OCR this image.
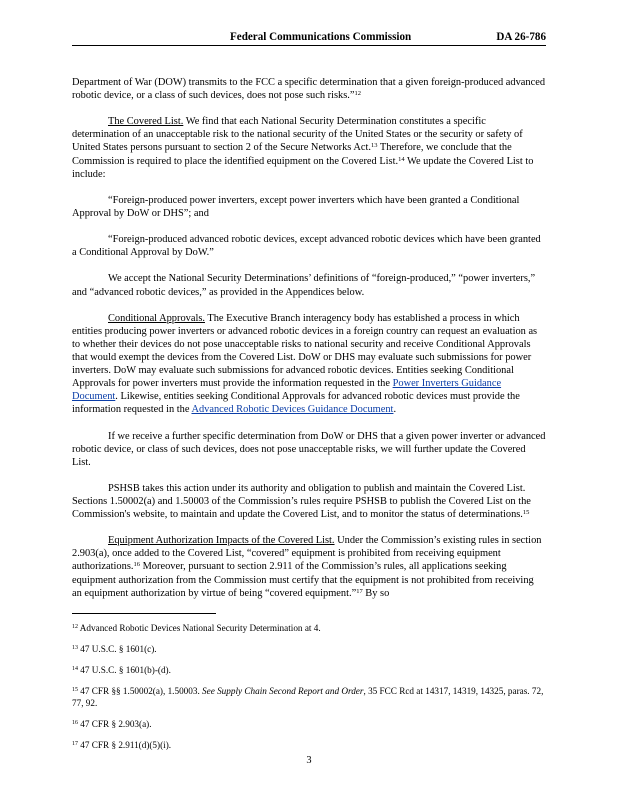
Federal Communications Commission	DA 26-786

Department of War (DOW) transmits to the FCC a specific determination that a given foreign-produced advanced robotic device, or a class of such devices, does not pose such risks.”$^{12}$

The Covered List. We find that each National Security Determination constitutes a specific determination of an unacceptable risk to the national security of the United States or the security or safety of United States persons pursuant to section 2 of the Secure Networks Act.$^{13}$ Therefore, we conclude that the Commission is required to place the identified equipment on the Covered List.$^{14}$ We update the Covered List to include:

“Foreign-produced power inverters, except power inverters which have been granted a Conditional Approval by DoW or DHS”; and

“Foreign-produced advanced robotic devices, except advanced robotic devices which have been granted a Conditional Approval by DoW.”

We accept the National Security Determinations’ definitions of “foreign-produced,” “power inverters,” and “advanced robotic devices,” as provided in the Appendices below.

Conditional Approvals. The Executive Branch interagency body has established a process in which entities producing power inverters or advanced robotic devices in a foreign country can request an evaluation as to whether their devices do not pose unacceptable risks to national security and receive Conditional Approvals that would exempt the devices from the Covered List. DoW or DHS may evaluate such submissions for power inverters. DoW may evaluate such submissions for advanced robotic devices. Entities seeking Conditional Approvals for power inverters must provide the information requested in the Power Inverters Guidance Document. Likewise, entities seeking Conditional Approvals for advanced robotic devices must provide the information requested in the Advanced Robotic Devices Guidance Document.

If we receive a further specific determination from DoW or DHS that a given power inverter or advanced robotic device, or class of such devices, does not pose unacceptable risks, we will further update the Covered List.

PSHSB takes this action under its authority and obligation to publish and maintain the Covered List. Sections 1.50002(a) and 1.50003 of the Commission’s rules require PSHSB to publish the Covered List on the Commission's website, to maintain and update the Covered List, and to monitor the status of determinations.$^{15}$

Equipment Authorization Impacts of the Covered List. Under the Commission’s existing rules in section 2.903(a), once added to the Covered List, “covered” equipment is prohibited from receiving equipment authorizations.$^{16}$ Moreover, pursuant to section 2.911 of the Commission’s rules, all applications seeking equipment authorization from the Commission must certify that the equipment is not prohibited from receiving an equipment authorization by virtue of being “covered equipment.”$^{17}$ By so

$^{12}$ Advanced Robotic Devices National Security Determination at 4.

$^{13}$ 47 U.S.C. § 1601(c).

$^{14}$ 47 U.S.C. § 1601(b)-(d).

$^{15}$ 47 CFR §§ 1.50002(a), 1.50003. See Supply Chain Second Report and Order, 35 FCC Rcd at 14317, 14319, 14325, paras. 72, 77, 92.

$^{16}$ 47 CFR § 2.903(a).

$^{17}$ 47 CFR § 2.911(d)(5)(i).

3
